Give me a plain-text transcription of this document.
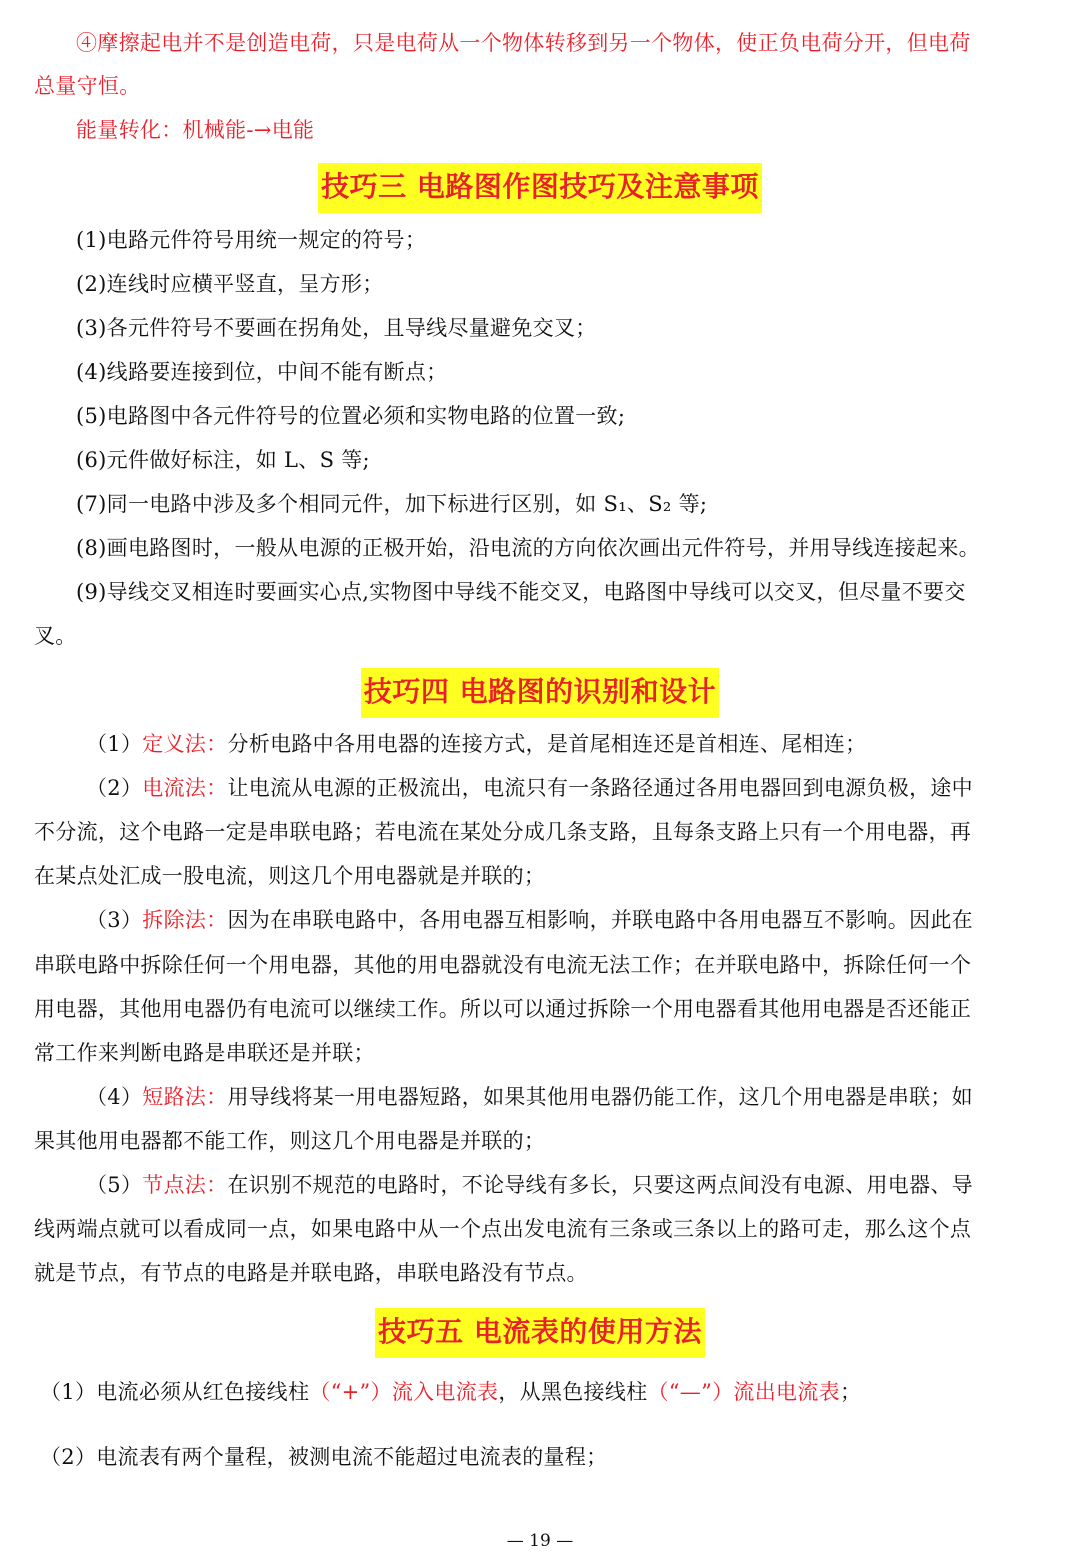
④摩擦起电并不是创造电荷，只是电荷从一个物体转移到另一个物体，使正负电荷分开，但电荷
总量守恒。
能量转化：机械能-→电能
技巧三 电路图作图技巧及注意事项
(1)电路元件符号用统一规定的符号；
(2)连线时应横平竖直，呈方形；
(3)各元件符号不要画在拐角处，且导线尽量避免交叉；
(4)线路要连接到位，中间不能有断点；
(5)电路图中各元件符号的位置必须和实物电路的位置一致;
(6)元件做好标注，如 L、S 等;
(7)同一电路中涉及多个相同元件，加下标进行区别，如 S₁、S₂ 等;
(8)画电路图时，一般从电源的正极开始，沿电流的方向依次画出元件符号，并用导线连接起来。
(9)导线交叉相连时要画实心点,实物图中导线不能交叉，电路图中导线可以交叉，但尽量不要交
叉。
技巧四 电路图的识别和设计
（1）定义法：分析电路中各用电器的连接方式，是首尾相连还是首相连、尾相连；
（2）电流法：让电流从电源的正极流出，电流只有一条路径通过各用电器回到电源负极，途中
不分流，这个电路一定是串联电路；若电流在某处分成几条支路，且每条支路上只有一个用电器，再
在某点处汇成一股电流，则这几个用电器就是并联的；
（3）拆除法：因为在串联电路中，各用电器互相影响，并联电路中各用电器互不影响。因此在
串联电路中拆除任何一个用电器，其他的用电器就没有电流无法工作；在并联电路中，拆除任何一个
用电器，其他用电器仍有电流可以继续工作。所以可以通过拆除一个用电器看其他用电器是否还能正
常工作来判断电路是串联还是并联；
（4）短路法：用导线将某一用电器短路，如果其他用电器仍能工作，这几个用电器是串联；如
果其他用电器都不能工作，则这几个用电器是并联的；
（5）节点法：在识别不规范的电路时，不论导线有多长，只要这两点间没有电源、用电器、导
线两端点就可以看成同一点，如果电路中从一个点出发电流有三条或三条以上的路可走，那么这个点
就是节点，有节点的电路是并联电路，串联电路没有节点。
技巧五 电流表的使用方法
（1）电流必须从红色接线柱（“+”）流入电流表，从黑色接线柱（“—”）流出电流表；
（2）电流表有两个量程，被测电流不能超过电流表的量程；
— 19 —
